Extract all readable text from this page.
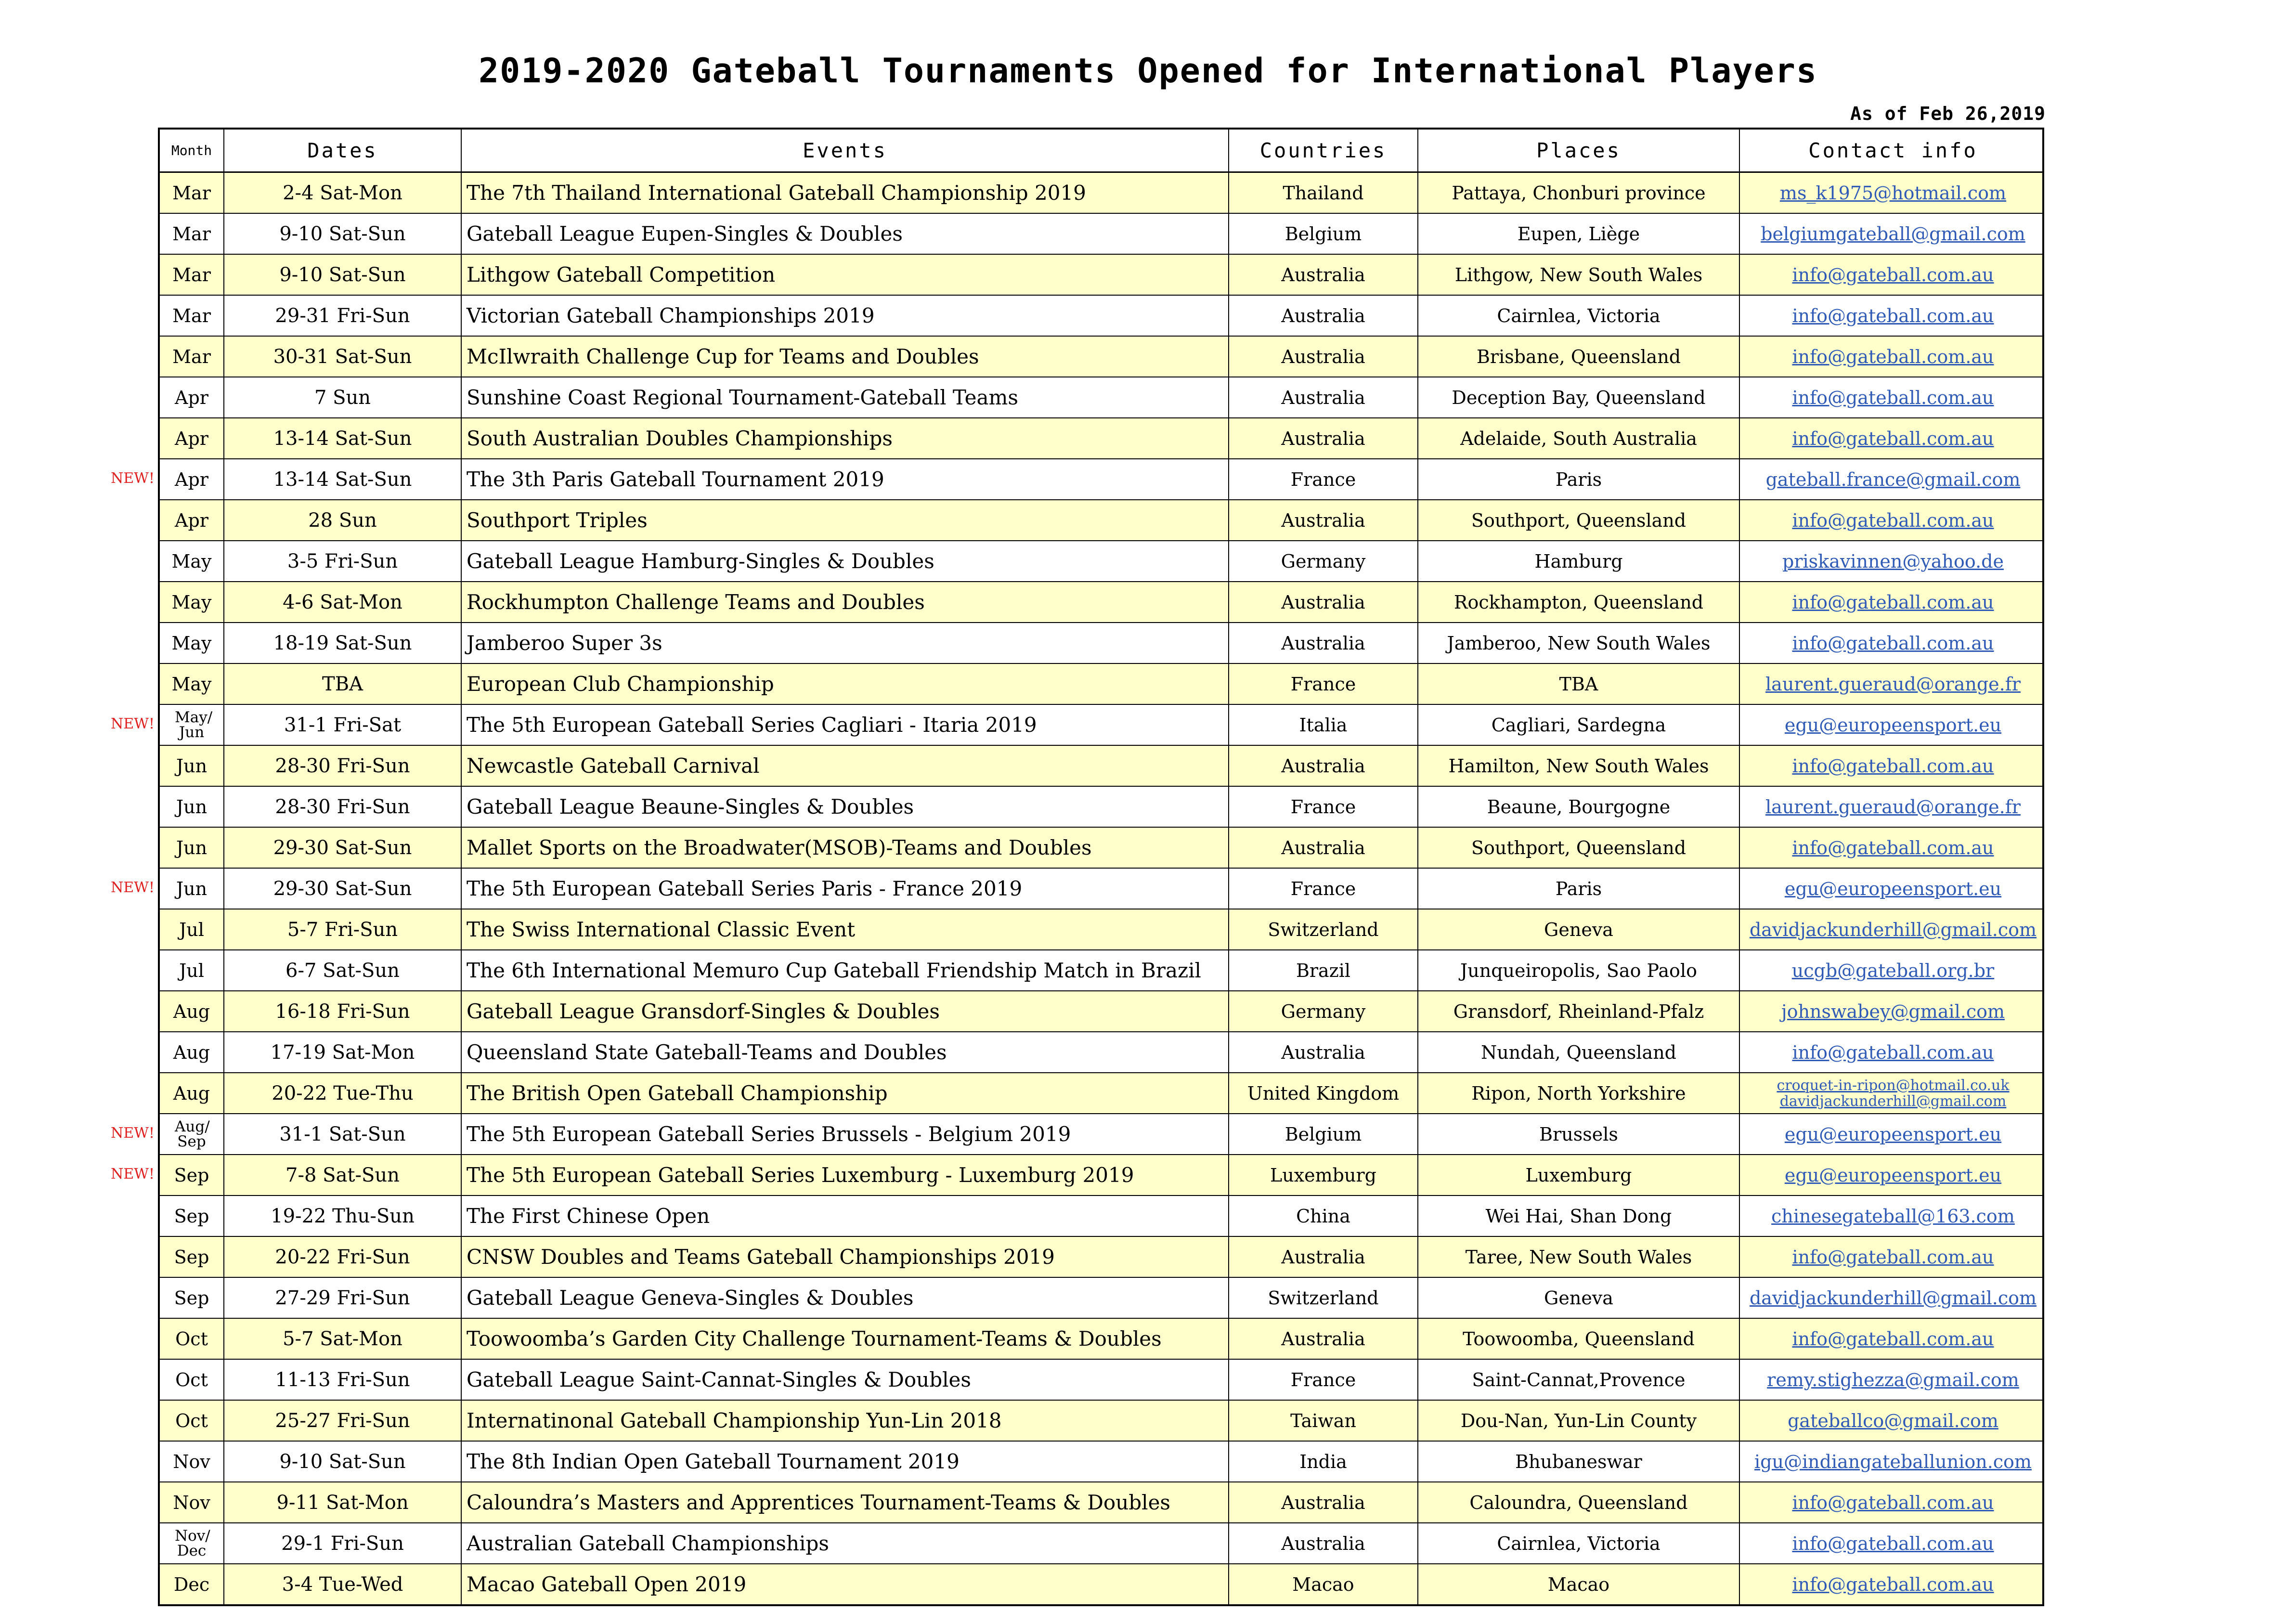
2019-2020 Gateball Tournaments Opened for International Players
As of Feb 26,2019
Month	Dates	Events	Countries	Places	Contact info
Mar	2-4 Sat-Mon	The 7th Thailand International Gateball Championship 2019	Thailand	Pattaya, Chonburi province	ms_k1975@hotmail.com
Mar	9-10 Sat-Sun	Gateball League Eupen-Singles & Doubles	Belgium	Eupen, Liège	belgiumgateball@gmail.com
Mar	9-10 Sat-Sun	Lithgow Gateball Competition	Australia	Lithgow, New South Wales	info@gateball.com.au
Mar	29-31 Fri-Sun	Victorian Gateball Championships 2019	Australia	Cairnlea, Victoria	info@gateball.com.au
Mar	30-31 Sat-Sun	McIlwraith Challenge Cup for Teams and Doubles	Australia	Brisbane, Queensland	info@gateball.com.au
Apr	7 Sun	Sunshine Coast Regional Tournament-Gateball Teams	Australia	Deception Bay, Queensland	info@gateball.com.au
Apr	13-14 Sat-Sun	South Australian Doubles Championships	Australia	Adelaide, South Australia	info@gateball.com.au
Apr	13-14 Sat-Sun	The 3th Paris Gateball Tournament 2019	France	Paris	gateball.france@gmail.com
Apr	28 Sun	Southport Triples	Australia	Southport, Queensland	info@gateball.com.au
May	3-5 Fri-Sun	Gateball League Hamburg-Singles & Doubles	Germany	Hamburg	priskavinnen@yahoo.de
May	4-6 Sat-Mon	Rockhumpton Challenge Teams and Doubles	Australia	Rockhampton, Queensland	info@gateball.com.au
May	18-19 Sat-Sun	Jamberoo Super 3s	Australia	Jamberoo, New South Wales	info@gateball.com.au
May	TBA	European Club Championship	France	TBA	laurent.gueraud@orange.fr
May/ Jun	31-1 Fri-Sat	The 5th European Gateball Series Cagliari - Itaria 2019	Italia	Cagliari, Sardegna	egu@europeensport.eu
Jun	28-30 Fri-Sun	Newcastle Gateball Carnival	Australia	Hamilton, New South Wales	info@gateball.com.au
Jun	28-30 Fri-Sun	Gateball League Beaune-Singles & Doubles	France	Beaune, Bourgogne	laurent.gueraud@orange.fr
Jun	29-30 Sat-Sun	Mallet Sports on the Broadwater(MSOB)-Teams and Doubles	Australia	Southport, Queensland	info@gateball.com.au
Jun	29-30 Sat-Sun	The 5th European Gateball Series Paris - France 2019	France	Paris	egu@europeensport.eu
Jul	5-7 Fri-Sun	The Swiss International Classic Event	Switzerland	Geneva	davidjackunderhill@gmail.com
Jul	6-7 Sat-Sun	The 6th International Memuro Cup Gateball Friendship Match in Brazil	Brazil	Junqueiropolis, Sao Paolo	ucgb@gateball.org.br
Aug	16-18 Fri-Sun	Gateball League Gransdorf-Singles & Doubles	Germany	Gransdorf, Rheinland-Pfalz	johnswabey@gmail.com
Aug	17-19 Sat-Mon	Queensland State Gateball-Teams and Doubles	Australia	Nundah, Queensland	info@gateball.com.au
Aug	20-22 Tue-Thu	The British Open Gateball Championship	United Kingdom	Ripon, North Yorkshire	croquet-in-ripon@hotmail.co.uk
davidjackunderhill@gmail.com
Aug/ Sep	31-1 Sat-Sun	The 5th European Gateball Series Brussels - Belgium 2019	Belgium	Brussels	egu@europeensport.eu
Sep	7-8 Sat-Sun	The 5th European Gateball Series Luxemburg - Luxemburg 2019	Luxemburg	Luxemburg	egu@europeensport.eu
Sep	19-22 Thu-Sun	The First Chinese Open	China	Wei Hai, Shan Dong	chinesegateball@163.com
Sep	20-22 Fri-Sun	CNSW Doubles and Teams Gateball Championships 2019	Australia	Taree, New South Wales	info@gateball.com.au
Sep	27-29 Fri-Sun	Gateball League Geneva-Singles & Doubles	Switzerland	Geneva	davidjackunderhill@gmail.com
Oct	5-7 Sat-Mon	Toowoomba’s Garden City Challenge Tournament-Teams & Doubles	Australia	Toowoomba, Queensland	info@gateball.com.au
Oct	11-13 Fri-Sun	Gateball League Saint-Cannat-Singles & Doubles	France	Saint-Cannat,Provence	remy.stighezza@gmail.com
Oct	25-27 Fri-Sun	Internatinonal Gateball Championship Yun-Lin 2018	Taiwan	Dou-Nan, Yun-Lin County	gateballco@gmail.com
Nov	9-10 Sat-Sun	The 8th Indian Open Gateball Tournament 2019	India	Bhubaneswar	igu@indiangateballunion.com
Nov	9-11 Sat-Mon	Caloundra’s Masters and Apprentices Tournament-Teams & Doubles	Australia	Caloundra, Queensland	info@gateball.com.au
Nov/ Dec	29-1 Fri-Sun	Australian Gateball Championships	Australia	Cairnlea, Victoria	info@gateball.com.au
Dec	3-4 Tue-Wed	Macao Gateball Open 2019	Macao	Macao	info@gateball.com.au
NEW!
NEW!
NEW!
NEW!
NEW!
